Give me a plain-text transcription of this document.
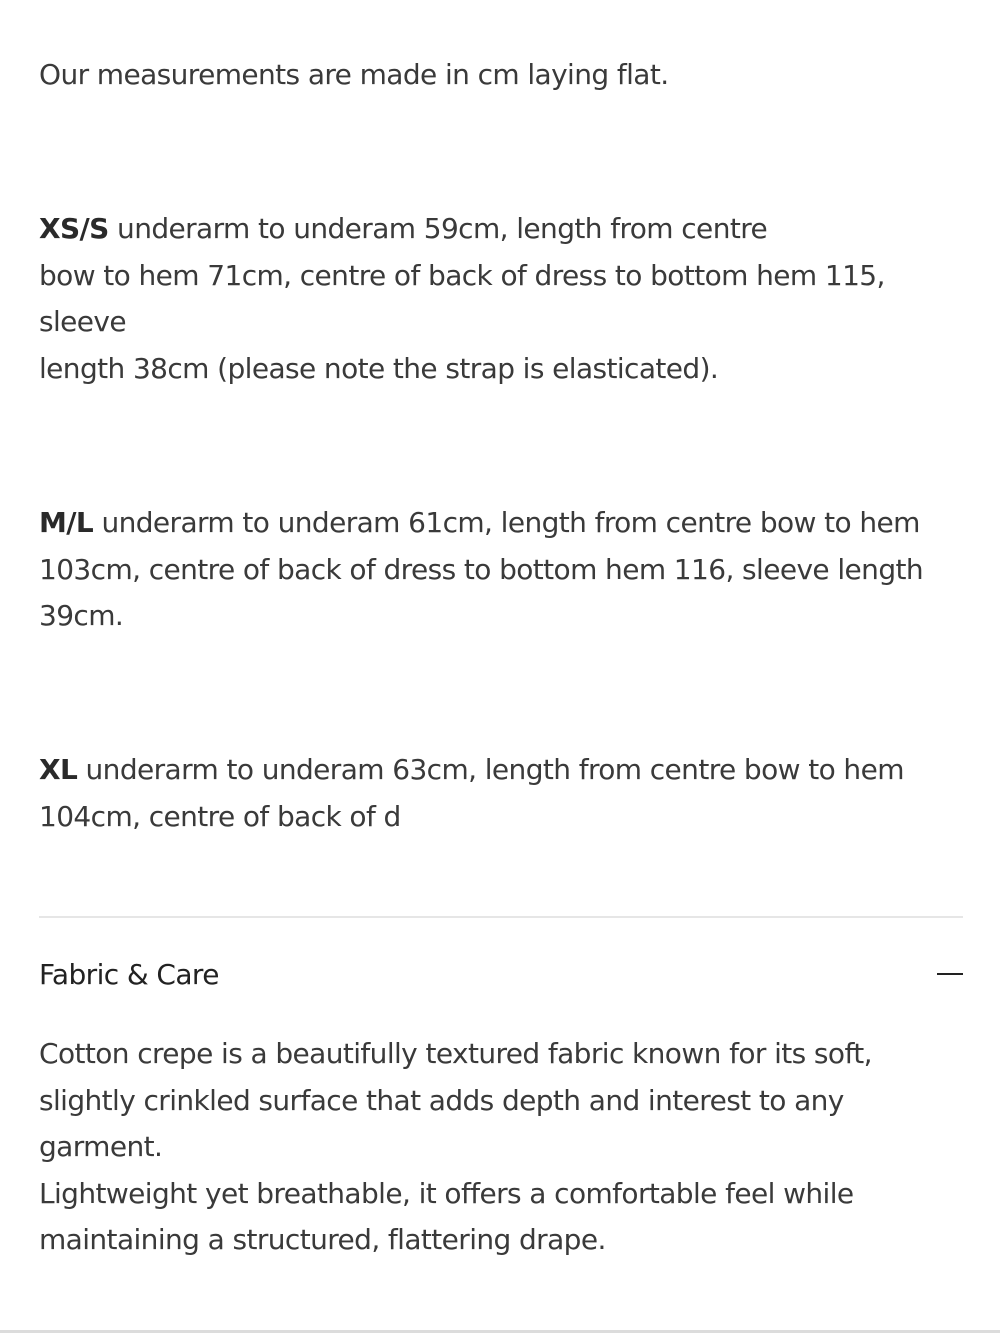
Our measurements are made in cm laying flat.

XS/S underarm to underam 59cm, length from centre
bow to hem 71cm, centre of back of dress to bottom hem 115,
sleeve
length 38cm (please note the strap is elasticated).

M/L underarm to underam 61cm, length from centre bow to hem
103cm, centre of back of dress to bottom hem 116, sleeve length
39cm.

XL underarm to underam 63cm, length from centre bow to hem
104cm, centre of back of d

Fabric & Care

Cotton crepe is a beautifully textured fabric known for its soft,
slightly crinkled surface that adds depth and interest to any
garment.
Lightweight yet breathable, it offers a comfortable feel while
maintaining a structured, flattering drape.
